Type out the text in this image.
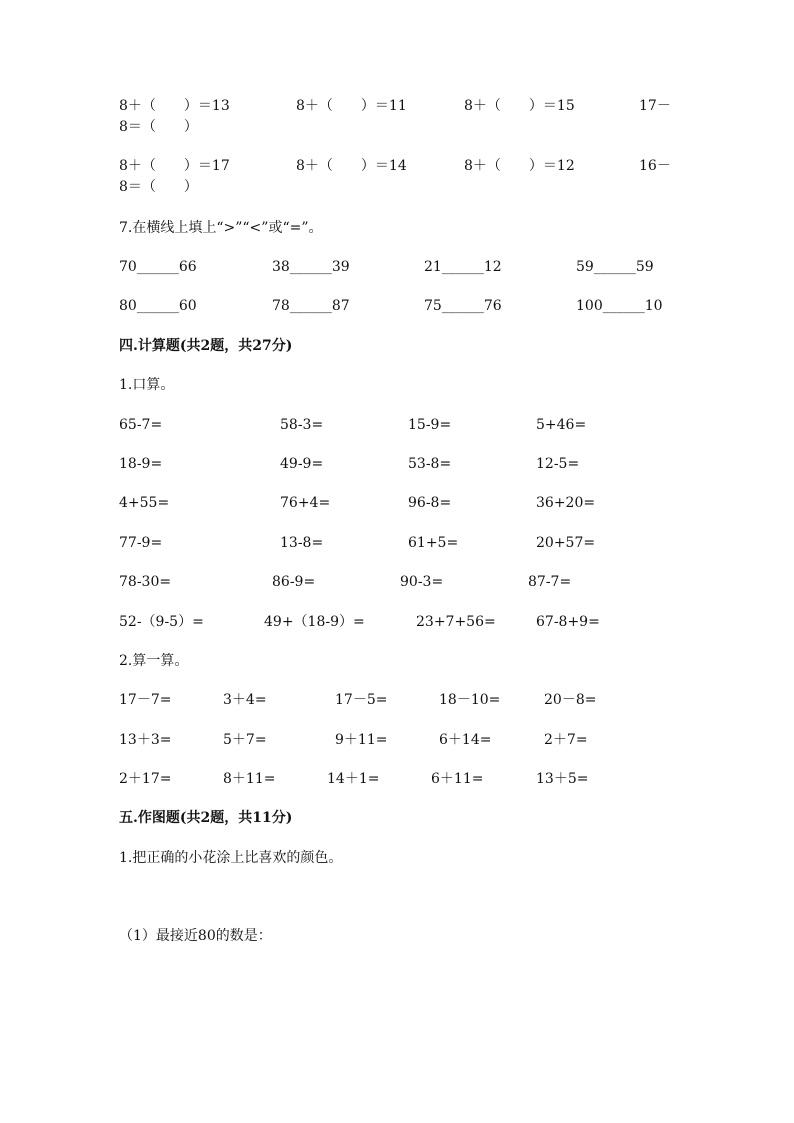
8＋（　　）＝13	8＋（　　）＝11	8＋（　　）＝15	17－
8＝（　　）
8＋（　　）＝17	8＋（　　）＝14	8＋（　　）＝12	16－
8＝（　　）
7.在横线上填上“>”“<”或“=”。
70______66	38______39	21______12	59______59
80______60	78______87	75______76	100______10
四.计算题(共2题，共27分)
1.口算。
65-7=	58-3=	15-9=	5+46=
18-9=	49-9=	53-8=	12-5=
4+55=	76+4=	96-8=	36+20=
77-9=	13-8=	61+5=	20+57=
78-30=	86-9=	90-3=	87-7=
52-（9-5）=	49+（18-9）=	23+7+56=	67-8+9=
2.算一算。
17－7=	3＋4=	17－5=	18－10=	20－8=
13＋3=	5＋7=	9＋11=	6＋14=	2＋7=
2＋17=	8＋11=	14＋1=	6＋11=	13＋5=
五.作图题(共2题，共11分)
1.把正确的小花涂上比喜欢的颜色。
（1）最接近80的数是：
